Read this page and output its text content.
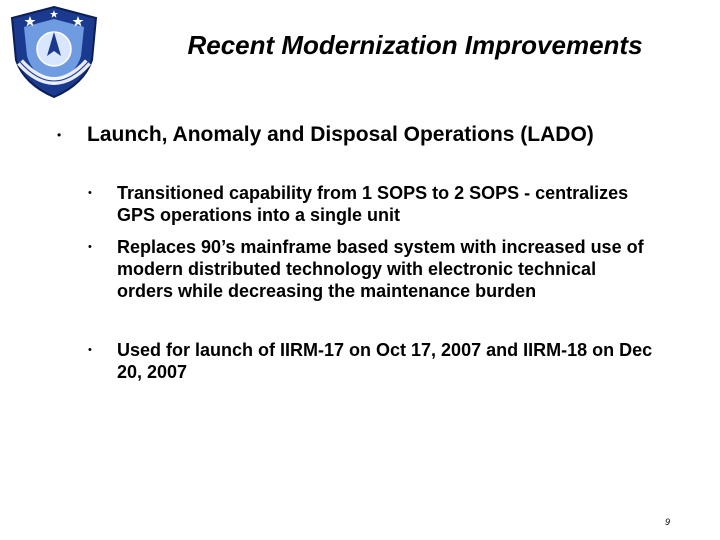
Recent Modernization Improvements
• Launch, Anomaly and Disposal Operations (LADO)
• Transitioned capability from 1 SOPS to 2 SOPS - centralizes GPS operations into a single unit
• Replaces 90’s mainframe based system with increased use of modern distributed technology with electronic technical orders while decreasing the maintenance burden
• Used for launch of IIRM-17 on Oct 17, 2007 and IIRM-18 on Dec 20, 2007
9
